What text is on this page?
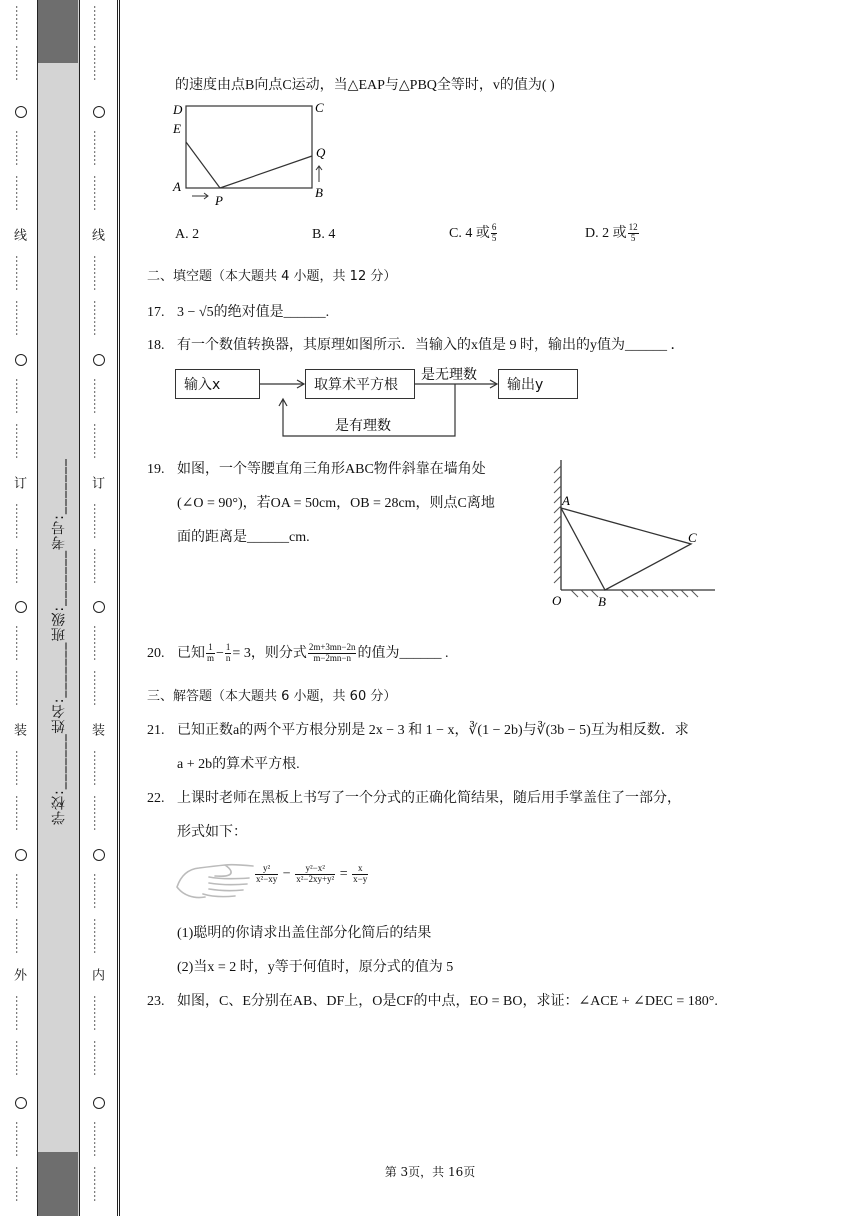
………
………
………
………
线
………
………
………
………
订
………
………
………
………
装
………
………
………
………
外
………
………
………
………
………
………
………
………
线
………
………
………
………
订
………
………
………
………
装
………
………
………
………
内
………
………
………
………
学校:_______姓名:_______班级:_______考号:_______
的速度由点B向点C运动，当△EAP与△PBQ全等时，v的值为( )
D
E
C
Q
A
P
B
A. 2	B. 4	C. 4 或 $\frac{6}{5}$	D. 2 或 $\frac{12}{5}$
二、填空题（本大题共 4 小题，共 12 分）
17. 3 − √5的绝对值是______.
18. 有一个数值转换器，其原理如图所示．当输入的x值是 9 时，输出的y值为______ ．
输入x	取算术平方根	输出y
是无理数
是有理数
19. 如图，一个等腰直角三角形ABC物件斜靠在墙角处
(∠O = 90°)，若OA = 50cm，OB = 28cm，则点C离地
面的距离是______cm.
A
C
O	B
20. 已知 $\frac{1}{m} - \frac{1}{n} = 3$，则分式 $\frac{2m+3mn-2n}{m-2mn-n}$ 的值为______ .
三、解答题（本大题共 6 小题，共 60 分）
21. 已知正数a的两个平方根分别是 2x − 3 和 1 − x，∛(1 − 2b)与∛(3b − 5)互为相反数．求
a + 2b的算术平方根.
22. 上课时老师在黑板上书写了一个分式的正确化简结果，随后用手掌盖住了一部分，
形式如下：
$\frac{\text{y²}}{\text{x²−xy}} - \frac{\text{y²−x²}}{\text{x²−2xy+y²}} = \frac{x}{x-y}$
(1)聪明的你请求出盖住部分化简后的结果
(2)当x = 2 时，y等于何值时，原分式的值为 5
23. 如图，C、E分别在AB、DF上，O是CF的中点，EO = BO，求证：∠ACE + ∠DEC = 180°.
第 3页，共 16页
